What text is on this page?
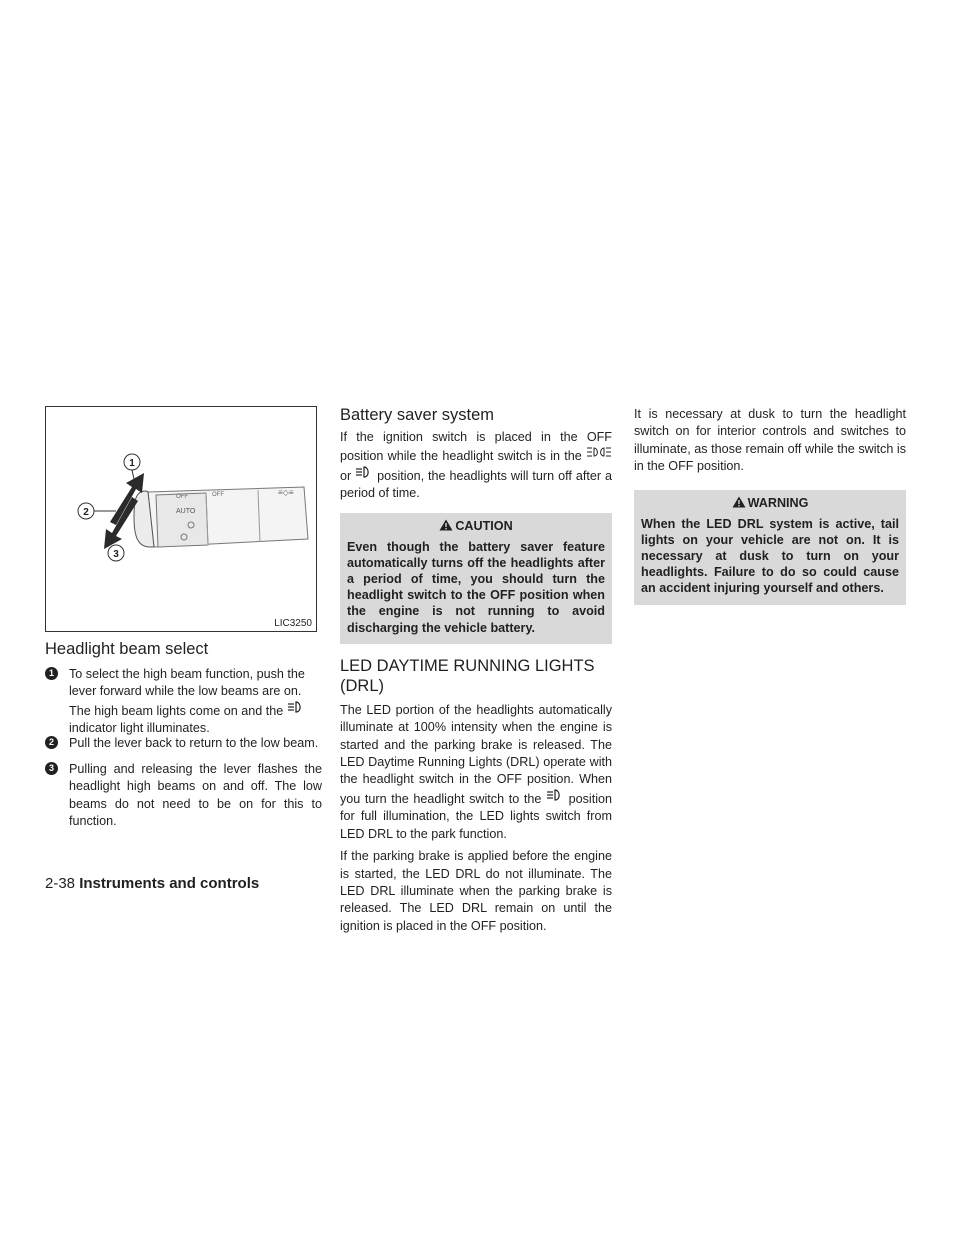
OFF	OFF
AUTO
≡◇≡
1
2
3
LIC3250
Headlight beam select
1	To select the high beam function, push the lever forward while the low beams are on. The high beam lights come on and the  indicator light illuminates.
2	Pull the lever back to return to the low beam.
3	Pulling and releasing the lever flashes the headlight high beams on and off. The low beams do not need to be on for this to function.
Battery saver system

If the ignition switch is placed in the OFF position while the headlight switch is in the  or position, the headlights will turn off after a period of time.

CAUTION
Even though the battery saver feature automatically turns off the headlights after a period of time, you should turn the headlight switch to the OFF position when the engine is not running to avoid discharging the vehicle battery.
LED DAYTIME RUNNING LIGHTS (DRL)

The LED portion of the headlights automatically illuminate at 100% intensity when the engine is started and the parking brake is released. The LED Daytime Running Lights (DRL) operate with the headlight switch in the OFF position. When you turn the headlight switch to the position for full illumination, the LED lights switch from LED DRL to the park function.

If the parking brake is applied before the engine is started, the LED DRL do not illuminate. The LED DRL illuminate when the parking brake is released. The LED DRL remain on until the ignition is placed in the OFF position.

It is necessary at dusk to turn the headlight switch on for interior controls and switches to illuminate, as those remain off while the switch is in the OFF position.

WARNING
When the LED DRL system is active, tail lights on your vehicle are not on. It is necessary at dusk to turn on your headlights. Failure to do so could cause an accident injuring yourself and others.
2-38 Instruments and controls
